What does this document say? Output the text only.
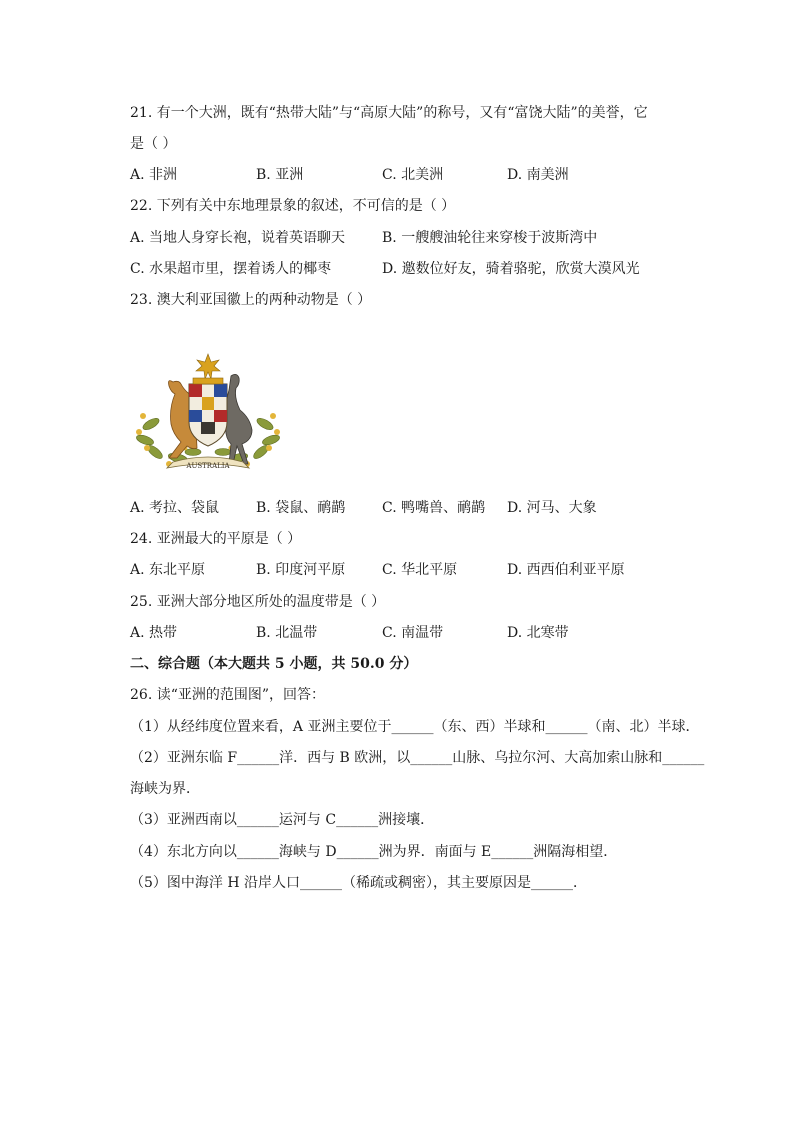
21. 有一个大洲，既有“热带大陆”与“高原大陆”的称号，又有“富饶大陆”的美誉，它
是（ ）
A. 非洲	B. 亚洲	C. 北美洲	D. 南美洲
22. 下列有关中东地理景象的叙述，不可信的是（ ）
A. 当地人身穿长袍，说着英语聊天	B. 一艘艘油轮往来穿梭于波斯湾中
C. 水果超市里，摆着诱人的椰枣	D. 邀数位好友，骑着骆驼，欣赏大漠风光
23. 澳大利亚国徽上的两种动物是（ ）
AUSTRALIA
A. 考拉、袋鼠	B. 袋鼠、鸸鹋	C. 鸭嘴兽、鸸鹋 D. 河马、大象
24. 亚洲最大的平原是（ ）
A. 东北平原	B. 印度河平原	C. 华北平原	D. 西西伯利亚平原
25. 亚洲大部分地区所处的温度带是（ ）
A. 热带	B. 北温带	C. 南温带	D. 北寒带
二、综合题（本大题共 5 小题，共 50.0 分）
26. 读“亚洲的范围图”，回答：
（1）从经纬度位置来看，A 亚洲主要位于______（东、西）半球和______（南、北）半球．
（2）亚洲东临 F______洋．西与 B 欧洲，以______山脉、乌拉尔河、大高加索山脉和______
海峡为界．
（3）亚洲西南以______运河与 C______洲接壤．
（4）东北方向以______海峡与 D______洲为界．南面与 E______洲隔海相望．
（5）图中海洋 H 沿岸人口______（稀疏或稠密），其主要原因是______．
